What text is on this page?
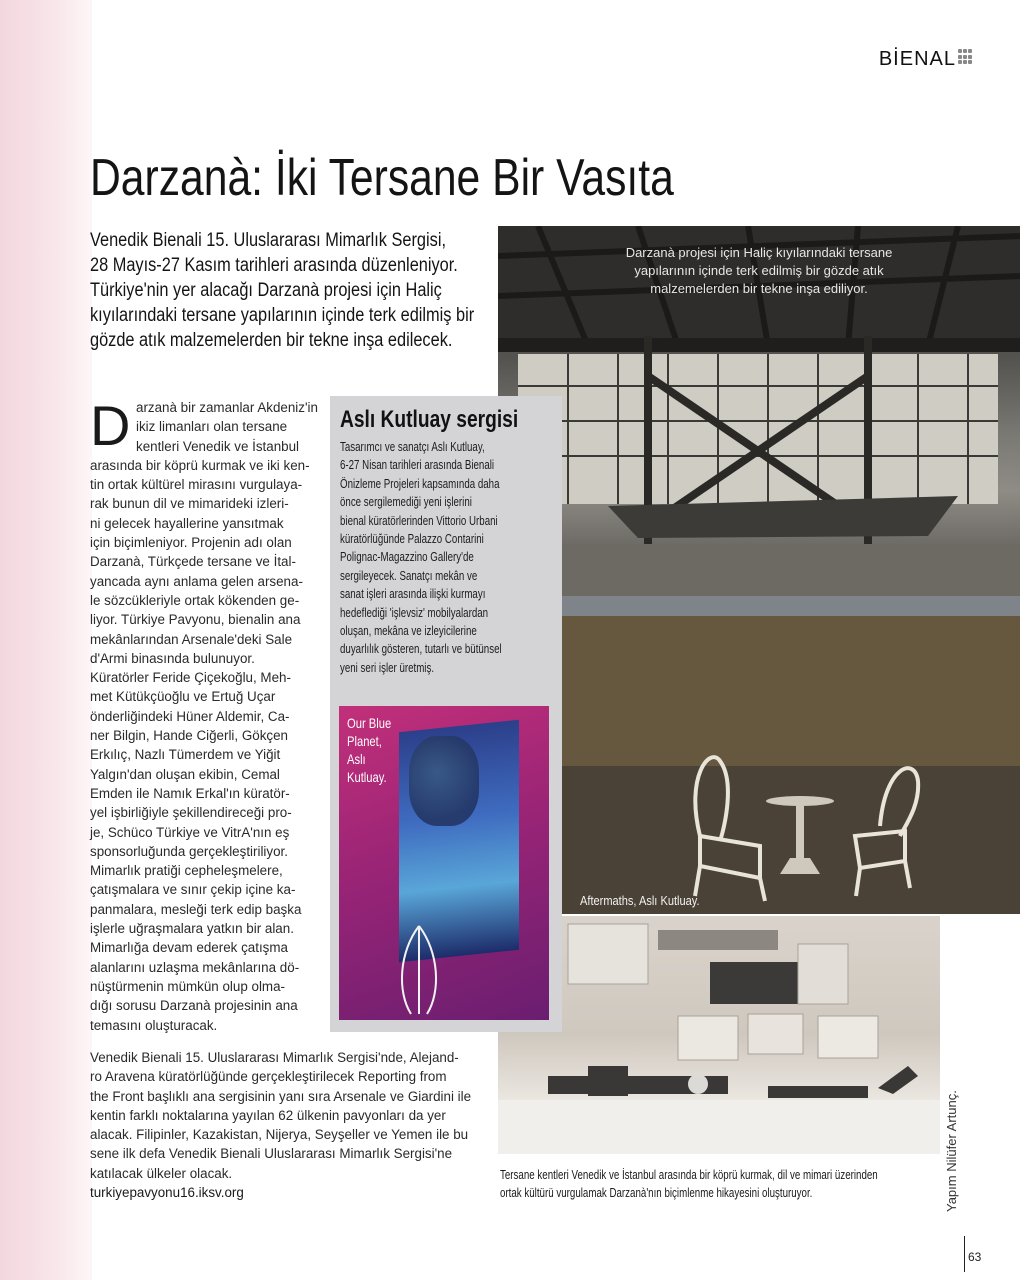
BİENAL
Darzanà: İki Tersane Bir Vasıta
Venedik Bienali 15. Uluslararası Mimarlık Sergisi,
28 Mayıs-27 Kasım tarihleri arasında düzenleniyor.
Türkiye'nin yer alacağı Darzanà projesi için Haliç
kıyılarındaki tersane yapılarının içinde terk edilmiş bir
gözde atık malzemelerden bir tekne inşa edilecek.
Darzanà projesi için Haliç kıyılarındaki tersane
yapılarının içinde terk edilmiş bir gözde atık
malzemelerden bir tekne inşa ediliyor.
Aftermaths, Aslı Kutluay.
Tersane kentleri Venedik ve İstanbul arasında bir köprü kurmak, dil ve mimari üzerinden
ortak kültürü vurgulamak Darzanà'nın biçimlenme hikayesini oluşturuyor.
Aslı Kutluay sergisi
Tasarımcı ve sanatçı Aslı Kutluay,
6-27 Nisan tarihleri arasında Bienali
Önizleme Projeleri kapsamında daha
önce sergilemediği yeni işlerini
bienal küratörlerinden Vittorio Urbani
küratörlüğünde Palazzo Contarini
Polignac-Magazzino Gallery'de
sergileyecek. Sanatçı mekân ve
sanat işleri arasında ilişki kurmayı
hedeflediği 'işlevsiz' mobilyalardan
oluşan, mekâna ve izleyicilerine
duyarlılık gösteren, tutarlı ve bütünsel
yeni seri işler üretmiş.
Our Blue
Planet,
Aslı
Kutluay.
D arzanà bir zamanlar Akdeniz'in
ikiz limanları olan tersane
kentleri Venedik ve İstanbul
arasında bir köprü kurmak ve iki ken-
tin ortak kültürel mirasını vurgulaya-
rak bunun dil ve mimarideki izleri-
ni gelecek hayallerine yansıtmak
için biçimleniyor. Projenin adı olan
Darzanà, Türkçede tersane ve İtal-
yancada aynı anlama gelen arsena-
le sözcükleriyle ortak kökenden ge-
liyor. Türkiye Pavyonu, bienalin ana
mekânlarından Arsenale'deki Sale
d'Armi binasında bulunuyor.
Küratörler Feride Çiçekoğlu, Meh-
met Kütükçüoğlu ve Ertuğ Uçar
önderliğindeki Hüner Aldemir, Ca-
ner Bilgin, Hande Ciğerli, Gökçen
Erkılıç, Nazlı Tümerdem ve Yiğit
Yalgın'dan oluşan ekibin, Cemal
Emden ile Namık Erkal'ın küratör-
yel işbirliğiyle şekillendireceği pro-
je, Schüco Türkiye ve VitrA'nın eş
sponsorluğunda gerçekleştiriliyor.
Mimarlık pratiği cepheleşmelere,
çatışmalara ve sınır çekip içine ka-
panmalara, mesleği terk edip başka
işlerle uğraşmalara yatkın bir alan.
Mimarlığa devam ederek çatışma
alanlarını uzlaşma mekânlarına dö-
nüştürmenin mümkün olup olma-
dığı sorusu Darzanà projesinin ana
temasını oluşturacak.
Venedik Bienali 15. Uluslararası Mimarlık Sergisi'nde, Alejand-
ro Aravena küratörlüğünde gerçekleştirilecek Reporting from
the Front başlıklı ana sergisinin yanı sıra Arsenale ve Giardini ile
kentin farklı noktalarına yayılan 62 ülkenin pavyonları da yer
alacak. Filipinler, Kazakistan, Nijerya, Seyşeller ve Yemen ile bu
sene ilk defa Venedik Bienali Uluslararası Mimarlık Sergisi'ne
katılacak ülkeler olacak.
turkiyepavyonu16.iksv.org	Yapım Nilüfer Artunç.
63
